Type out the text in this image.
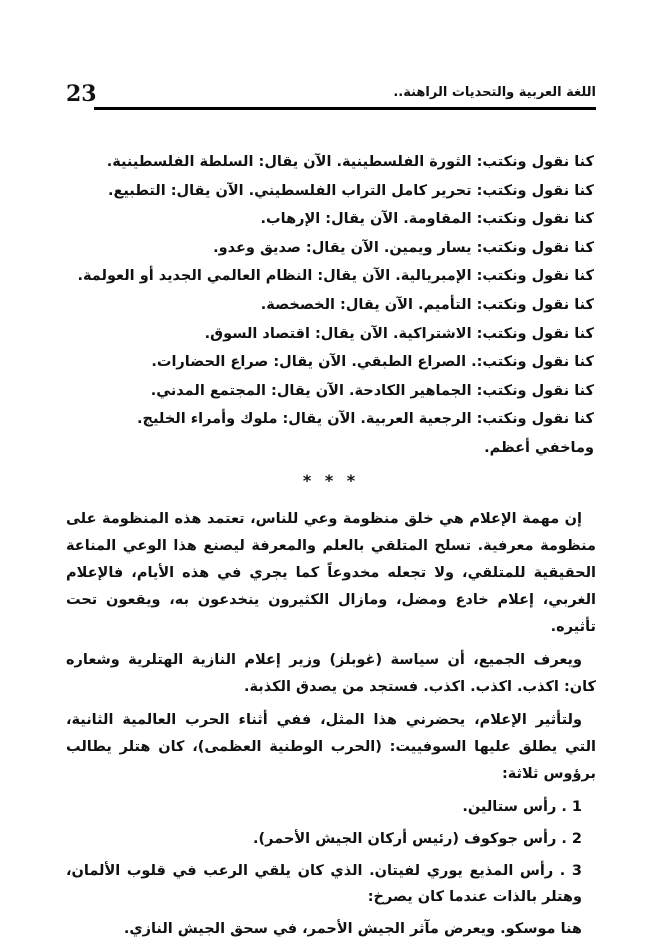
23	اللغة العربية والتحديات الراهنة..

كنا نقول ونكتب: الثورة الفلسطينية. الآن يقال: السلطة الفلسطينية.

كنا نقول ونكتب: تحرير كامل التراب الفلسطيني. الآن يقال: التطبيع.

كنا نقول ونكتب: المقاومة. الآن يقال: الإرهاب.

كنا نقول ونكتب: يسار ويمين. الآن يقال: صديق وعدو.

كنا نقول ونكتب: الإمبريالية. الآن يقال: النظام العالمي الجديد أو العولمة.

كنا نقول ونكتب: التأميم. الآن يقال: الخصخصة.

كنا نقول ونكتب: الاشتراكية. الآن يقال: اقتصاد السوق.

كنا نقول ونكتب:. الصراع الطبقي. الآن يقال: صراع الحضارات.

كنا نقول ونكتب: الجماهير الكادحة. الآن يقال: المجتمع المدني.

كنا نقول ونكتب: الرجعية العربية. الآن يقال: ملوك وأمراء الخليج.

وماخفي أعظم.

* * *

إن مهمة الإعلام هي خلق منظومة وعي للناس، تعتمد هذه المنظومة على منظومة معرفية. تسلح المتلقي بالعلم والمعرفة ليصنع هذا الوعي المناعة الحقيقية للمتلقي، ولا تجعله مخدوعاً كما يجري في هذه الأيام، فالإعلام الغربي، إعلام خادع ومضل، ومازال الكثيرون ينخدعون به، ويقعون تحت تأثيره.

ويعرف الجميع، أن سياسة (غوبلز) وزير إعلام النازية الهتلرية وشعاره كان: اكذب. اكذب. اكذب. فستجد من يصدق الكذبة.

ولتأثير الإعلام، يحضرني هذا المثل، ففي أثناء الحرب العالمية الثانية، التي يطلق عليها السوفييت: (الحرب الوطنية العظمى)، كان هتلر يطالب برؤوس ثلاثة:

1 . رأس ستالين.

2 . رأس جوكوف (رئيس أركان الجيش الأحمر).

3 . رأس المذيع يوري لفيتان. الذي كان يلقي الرعب في قلوب الألمان، وهتلر بالذات عندما كان يصرخ:

هنا موسكو. ويعرض مآثر الجيش الأحمر، في سحق الجيش النازي.
